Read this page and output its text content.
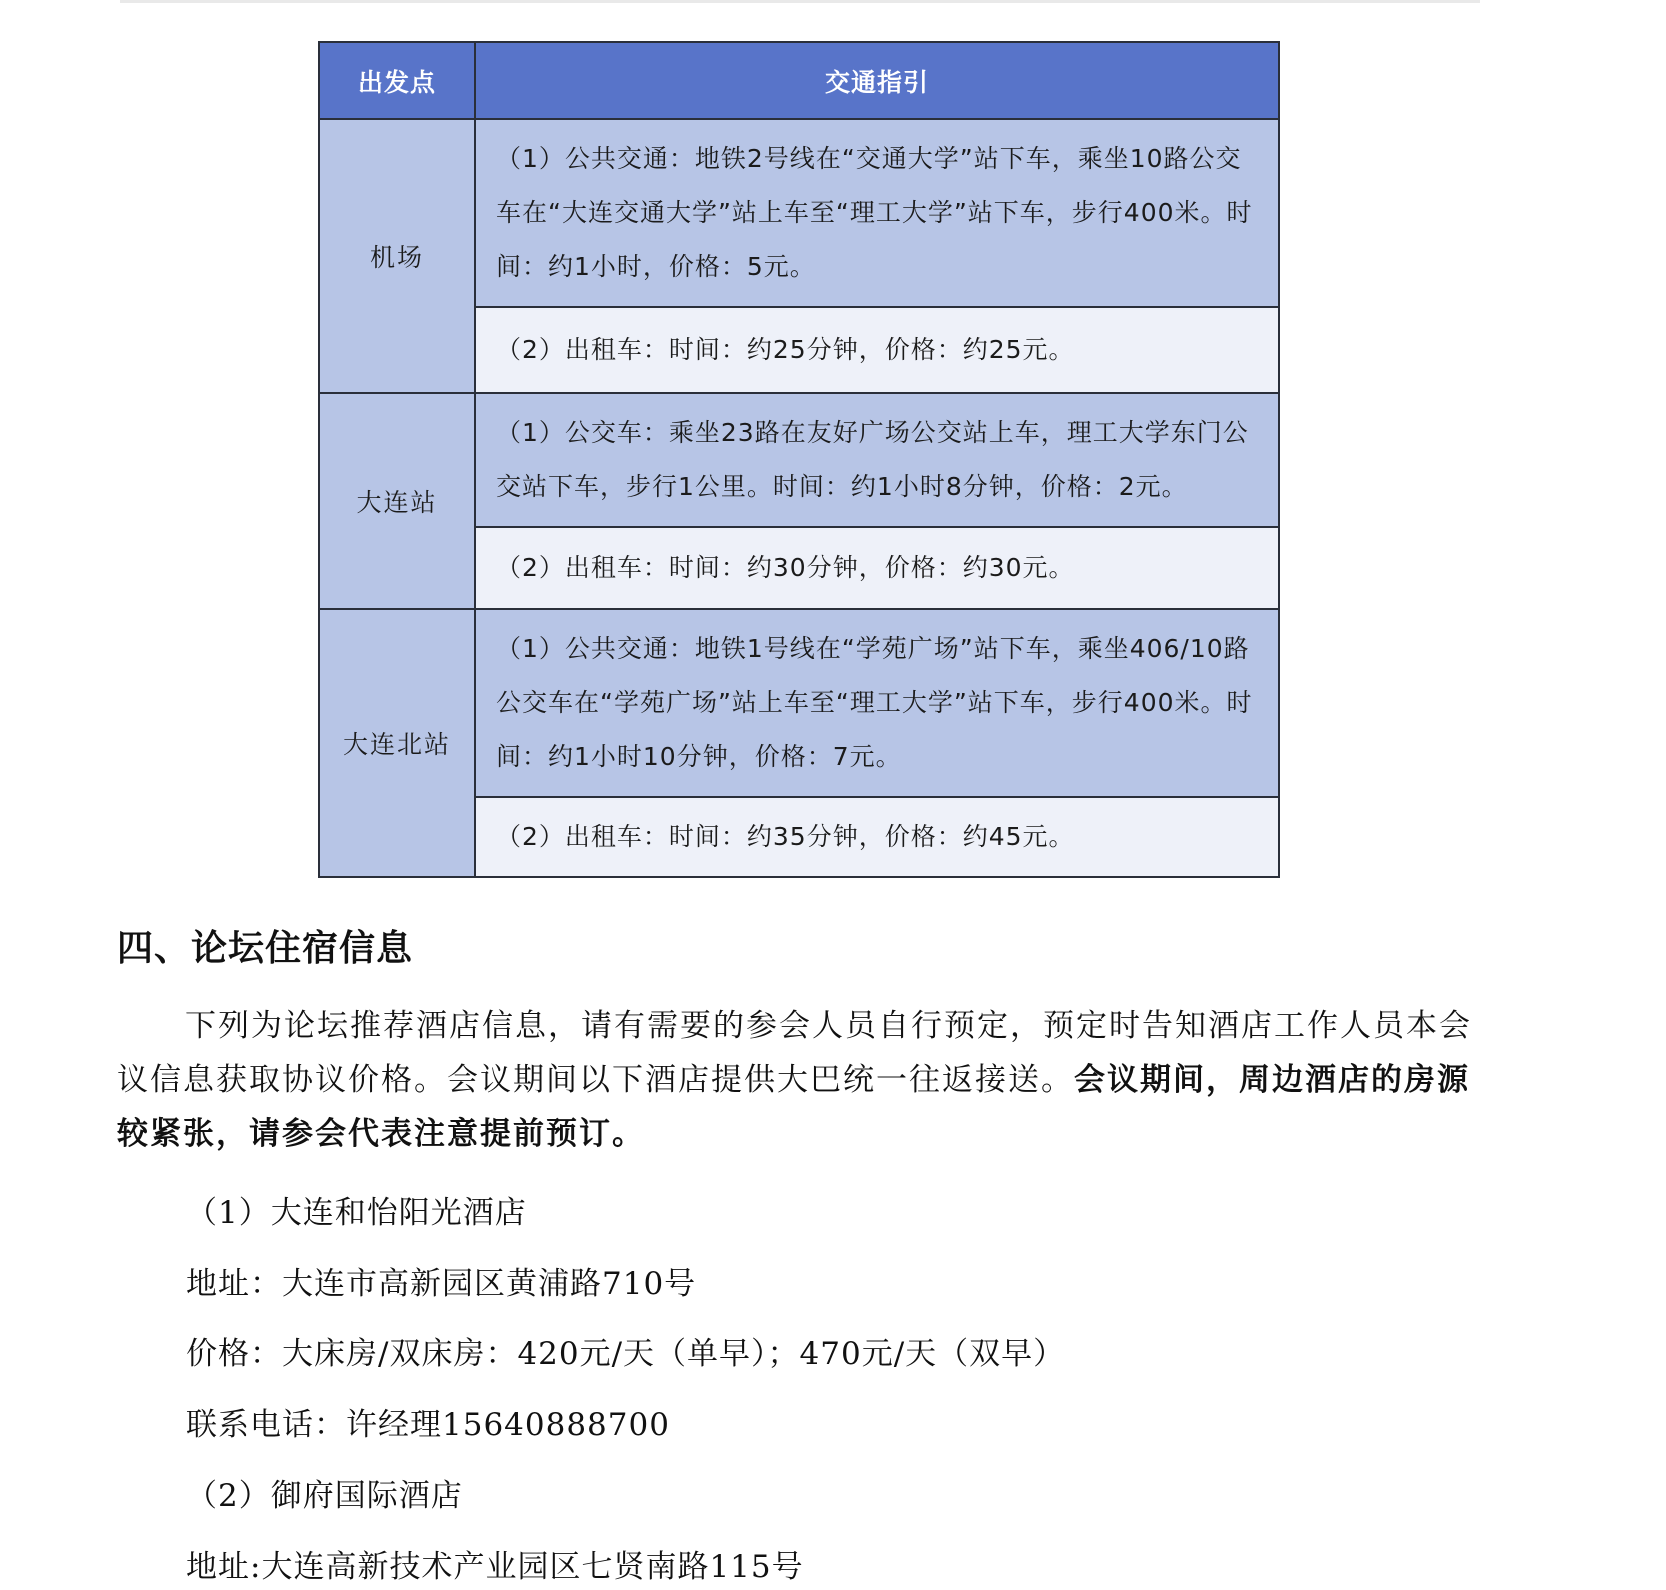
出发点	交通指引
机场	（1）公共交通：地铁2号线在“交通大学”站下车，乘坐10路公交车在“大连交通大学”站上车至“理工大学”站下车，步行400米。时间：约1小时，价格：5元。
	（2）出租车：时间：约25分钟，价格：约25元。
大连站	（1）公交车：乘坐23路在友好广场公交站上车，理工大学东门公交站下车，步行1公里。时间：约1小时8分钟，价格：2元。
	（2）出租车：时间：约30分钟，价格：约30元。
大连北站	（1）公共交通：地铁1号线在“学苑广场”站下车，乘坐406/10路公交车在“学苑广场”站上车至“理工大学”站下车，步行400米。时间：约1小时10分钟，价格：7元。
	（2）出租车：时间：约35分钟，价格：约45元。
四、论坛住宿信息

下列为论坛推荐酒店信息，请有需要的参会人员自行预定，预定时告知酒店工作人员本会议信息获取协议价格。会议期间以下酒店提供大巴统一往返接送。会议期间，周边酒店的房源较紧张，请参会代表注意提前预订。

（1）大连和怡阳光酒店

地址：大连市高新园区黄浦路710号

价格：大床房/双床房：420元/天（单早）；470元/天（双早）

联系电话：许经理15640888700

（2）御府国际酒店

地址:大连高新技术产业园区七贤南路115号
